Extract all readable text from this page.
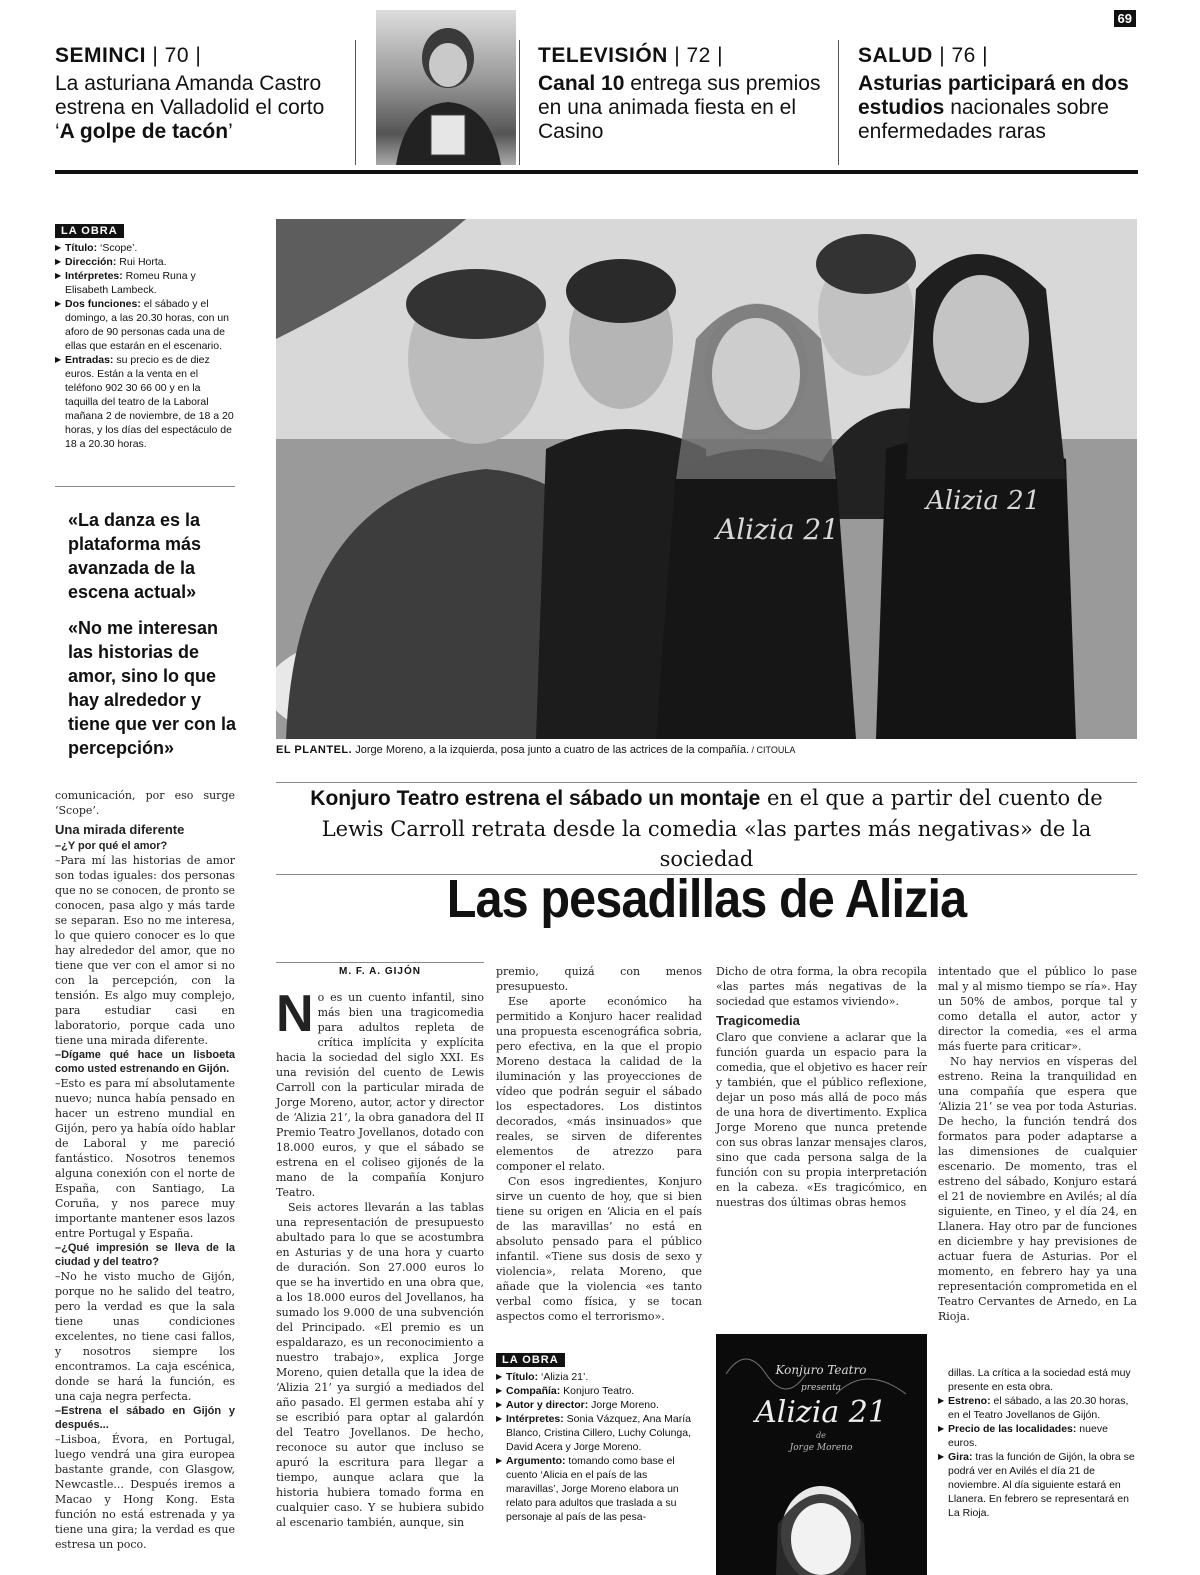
69
SEMINCI | 70 |
La asturiana Amanda Castro estrena en Valladolid el corto ‘A golpe de tacón’
TELEVISIÓN | 72 |
Canal 10 entrega sus premios en una animada fiesta en el Casino
SALUD | 76 |
Asturias participará en dos estudios nacionales sobre enfermedades raras
LA OBRA
▶ Título: ‘Scope’.
▶ Dirección: Rui Horta.
▶ Intérpretes: Romeu Runa y Elisabeth Lambeck.
▶ Dos funciones: el sábado y el domingo, a las 20.30 horas, con un aforo de 90 personas cada una de ellas que estarán en el escenario.
▶ Entradas: su precio es de diez euros. Están a la venta en el teléfono 902 30 66 00 y en la taquilla del teatro de la Laboral mañana 2 de noviembre, de 18 a 20 horas, y los días del espectáculo de 18 a 20.30 horas.
«La danza es la plataforma más avanzada de la escena actual»
«No me interesan las historias de amor, sino lo que hay alrededor y tiene que ver con la percepción»
Alizia 21
Alizia 21
EL PLANTEL. Jorge Moreno, a la izquierda, posa junto a cuatro de las actrices de la compañía. / CITOULA
Konjuro Teatro estrena el sábado un montaje en el que a partir del cuento de Lewis Carroll retrata desde la comedia «las partes más negativas» de la sociedad
Las pesadillas de Alizia

comunicación, por eso surge ‘Scope’.

Una mirada diferente

–¿Y por qué el amor?

–Para mí las historias de amor son todas iguales: dos personas que no se conocen, de pronto se conocen, pasa algo y más tarde se separan. Eso no me interesa, lo que quiero conocer es lo que hay alrededor del amor, que no tiene que ver con el amor si no con la percepción, con la tensión. Es algo muy complejo, para estudiar casi en laboratorio, porque cada uno tiene una mirada diferente.

–Dígame qué hace un lisboeta como usted estrenando en Gijón.

–Esto es para mí absolutamente nuevo; nunca había pensado en hacer un estreno mundial en Gijón, pero ya había oído hablar de Laboral y me pareció fantástico. Nosotros tenemos alguna conexión con el norte de España, con Santiago, La Coruña, y nos parece muy importante mantener esos lazos entre Portugal y España.

–¿Qué impresión se lleva de la ciudad y del teatro?

–No he visto mucho de Gijón, porque no he salido del teatro, pero la verdad es que la sala tiene unas condiciones excelentes, no tiene casi fallos, y nosotros siempre los encontramos. La caja escénica, donde se hará la función, es una caja negra perfecta.

–Estrena el sábado en Gijón y después...

–Lisboa, Évora, en Portugal, luego vendrá una gira europea bastante grande, con Glasgow, Newcastle... Después iremos a Macao y Hong Kong. Esta función no está estrenada y ya tiene una gira; la verdad es que estresa un poco.

M. F. A. GIJÓN

No es un cuento infantil, sino más bien una tragicomedia para adultos repleta de crítica implícita y explícita hacia la sociedad del siglo XXI. Es una revisión del cuento de Lewis Carroll con la particular mirada de Jorge Moreno, autor, actor y director de ‘Alizia 21’, la obra ganadora del II Premio Teatro Jovellanos, dotado con 18.000 euros, y que el sábado se estrena en el coliseo gijonés de la mano de la compañía Konjuro Teatro.

Seis actores llevarán a las tablas una representación de presupuesto abultado para lo que se acostumbra en Asturias y de una hora y cuarto de duración. Son 27.000 euros lo que se ha invertido en una obra que, a los 18.000 euros del Jovellanos, ha sumado los 9.000 de una subvención del Principado. «El premio es un espaldarazo, es un reconocimiento a nuestro trabajo», explica Jorge Moreno, quien detalla que la idea de ‘Alizia 21’ ya surgió a mediados del año pasado. El germen estaba ahí y se escribió para optar al galardón del Teatro Jovellanos. De hecho, reconoce su autor que incluso se apuró la escritura para llegar a tiempo, aunque aclara que la historia hubiera tomado forma en cualquier caso. Y se hubiera subido al escenario también, aunque, sin

premio, quizá con menos presupuesto.

Ese aporte económico ha permitido a Konjuro hacer realidad una propuesta escenográfica sobria, pero efectiva, en la que el propio Moreno destaca la calidad de la iluminación y las proyecciones de vídeo que podrán seguir el sábado los espectadores. Los distintos decorados, «más insinuados» que reales, se sirven de diferentes elementos de atrezzo para componer el relato.

Con esos ingredientes, Konjuro sirve un cuento de hoy, que si bien tiene su origen en ‘Alicia en el país de las maravillas’ no está en absoluto pensado para el público infantil. «Tiene sus dosis de sexo y violencia», relata Moreno, que añade que la violencia «es tanto verbal como física, y se tocan aspectos como el terrorismo».

Dicho de otra forma, la obra recopila «las partes más negativas de la sociedad que estamos viviendo».

Tragicomedia

Claro que conviene a aclarar que la función guarda un espacio para la comedia, que el objetivo es hacer reír y también, que el público reflexione, dejar un poso más allá de poco más de una hora de divertimento. Explica Jorge Moreno que nunca pretende con sus obras lanzar mensajes claros, sino que cada persona salga de la función con su propia interpretación en la cabeza. «Es tragicómico, en nuestras dos últimas obras hemos

intentado que el público lo pase mal y al mismo tiempo se ría». Hay un 50% de ambos, porque tal y como detalla el autor, actor y director la comedia, «es el arma más fuerte para criticar».

No hay nervios en vísperas del estreno. Reina la tranquilidad en una compañía que espera que ‘Alizia 21’ se vea por toda Asturias. De hecho, la función tendrá dos formatos para poder adaptarse a las dimensiones de cualquier escenario. De momento, tras el estreno del sábado, Konjuro estará el 21 de noviembre en Avilés; al día siguiente, en Tineo, y el día 24, en Llanera. Hay otro par de funciones en diciembre y hay previsiones de actuar fuera de Asturias. Por el momento, en febrero hay ya una representación comprometida en el Teatro Cervantes de Arnedo, en La Rioja.

LA OBRA
▶ Título: ‘Alizia 21’.
▶ Compañía: Konjuro Teatro.
▶ Autor y director: Jorge Moreno.
▶ Intérpretes: Sonia Vázquez, Ana María Blanco, Cristina Cillero, Luchy Colunga, David Acera y Jorge Moreno.
▶ Argumento: tomando como base el cuento ‘Alicia en el país de las maravillas’, Jorge Moreno elabora un relato para adultos que traslada a su personaje al país de las pesa-
Konjuro Teatro
presenta
Alizia 21
de
Jorge Moreno

dillas. La crítica a la sociedad está muy presente en esta obra.

▶ Estreno: el sábado, a las 20.30 horas, en el Teatro Jovellanos de Gijón.
▶ Precio de las localidades: nueve euros.
▶ Gira: tras la función de Gijón, la obra se podrá ver en Avilés el día 21 de noviembre. Al día siguiente estará en Llanera. En febrero se representará en La Rioja.
